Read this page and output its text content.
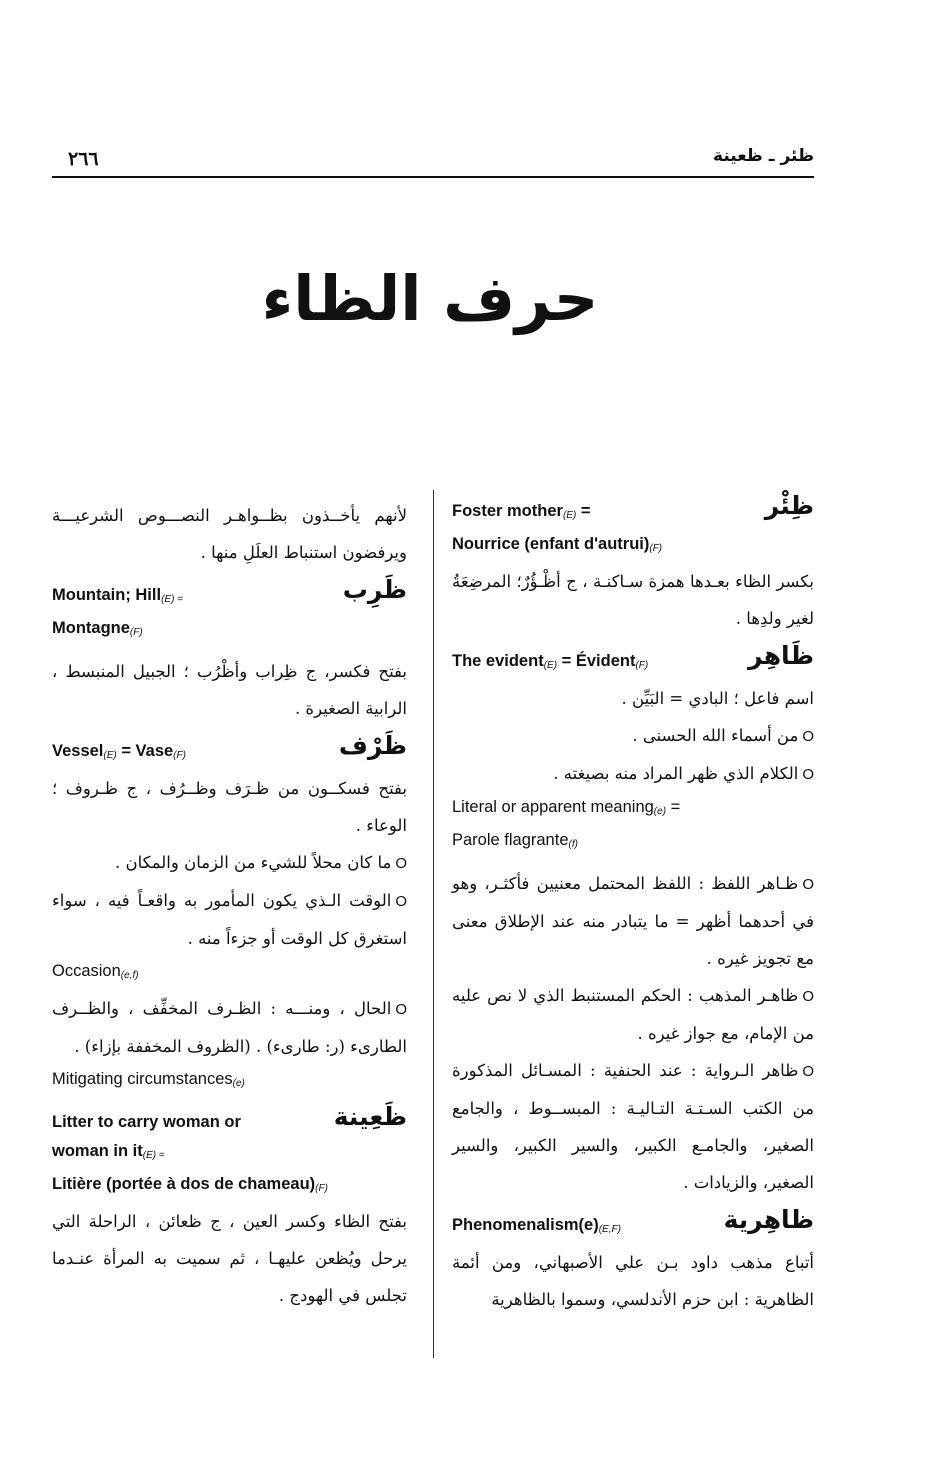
٢٦٦	ظئر ـ ظعينة
حرف الظاء
ظِئْر
Foster mother$_{(E)}$ =
Nourrice (enfant $d'autrui)_{(F)}$
بكسر الظاء بعـدها همزة سـاكنـة ، ج أظْـؤُرٌ؛ المرضِعَةُ لغير ولدِها .
ظَاهِر
The evident$_{(E)}$ = Évident$_{(F)}$
اسم فاعل ؛ البادي = البَيِّن .
O من أسماء الله الحسنى .
O الكلام الذي ظهر المراد منه بصيغته .
Literal or apparent meaning$_{(e)}$ =
Parole flagrante$_{(f)}$
O ظـاهر اللفظ : اللفظ المحتمل معنيين فأكثـر، وهو في أحدهما أظهر = ما يتبادر منه عند الإطلاق معنى مع تجويز غيره .
O ظاهـر المذهب : الحكم المستنبط الذي لا نص عليه من الإمام، مع جواز غيره .
O ظاهر الـرواية : عند الحنفية : المسـائل المذكورة من الكتب السـتـة التـاليـة : المبســوط ، والجامع الصغير، والجامـع الكبير، والسير الكبير، والسير الصغير، والزيادات .
ظاهِرية
$Phenomenalism(e)_{(E,F)}$
أتباع مذهب داود بـن علي الأصبهاني، ومن أئمة الظاهرية : ابن حزم الأندلسي، وسموا بالظاهرية
لأنهم يأخــذون بظــواهـر النصـــوص الشرعيـــة ويرفضون استنباط العلَلِ منها .
ظَرِب
Mountain; Hill$_{(E) =}$
Montagne$_{(F)}$
بفتح فكسر، ج ظِراب وأظْرُب ؛ الجبيل المنبسط ، الرابية الصغيرة .
ظَرْف
Vessel$_{(E)}$ = Vase$_{(F)}$
بفتح فسكــون من ظـرَف وظــرُف ، ج ظـروف ؛ الوعاء .
O ما كان محلاً للشيء من الزمان والمكان .
O الوقت الـذي يكون المأمور به واقعـاً فيه ، سواء استغرق كل الوقت أو جزءاً منه .
Occasion$_{(e,f)}$
O الحال ، ومنـــه : الظـرف المخفِّف ، والظــرف الطارىء (ر: طارىء) . (الظروف المخففة بإزاء) .
Mitigating circumstances$_{(e)}$
ظَعِينة
Litter to carry woman or
woman in $it_{(E) =}$
Litière (portée à dos de $chameau)_{(F)}$
بفتح الظاء وكسر العين ، ج ظعائن ، الراحلة التي يرحل ويُظعن عليهـا ، ثم سميت به المرأة عنـدما تجلس في الهودج .
